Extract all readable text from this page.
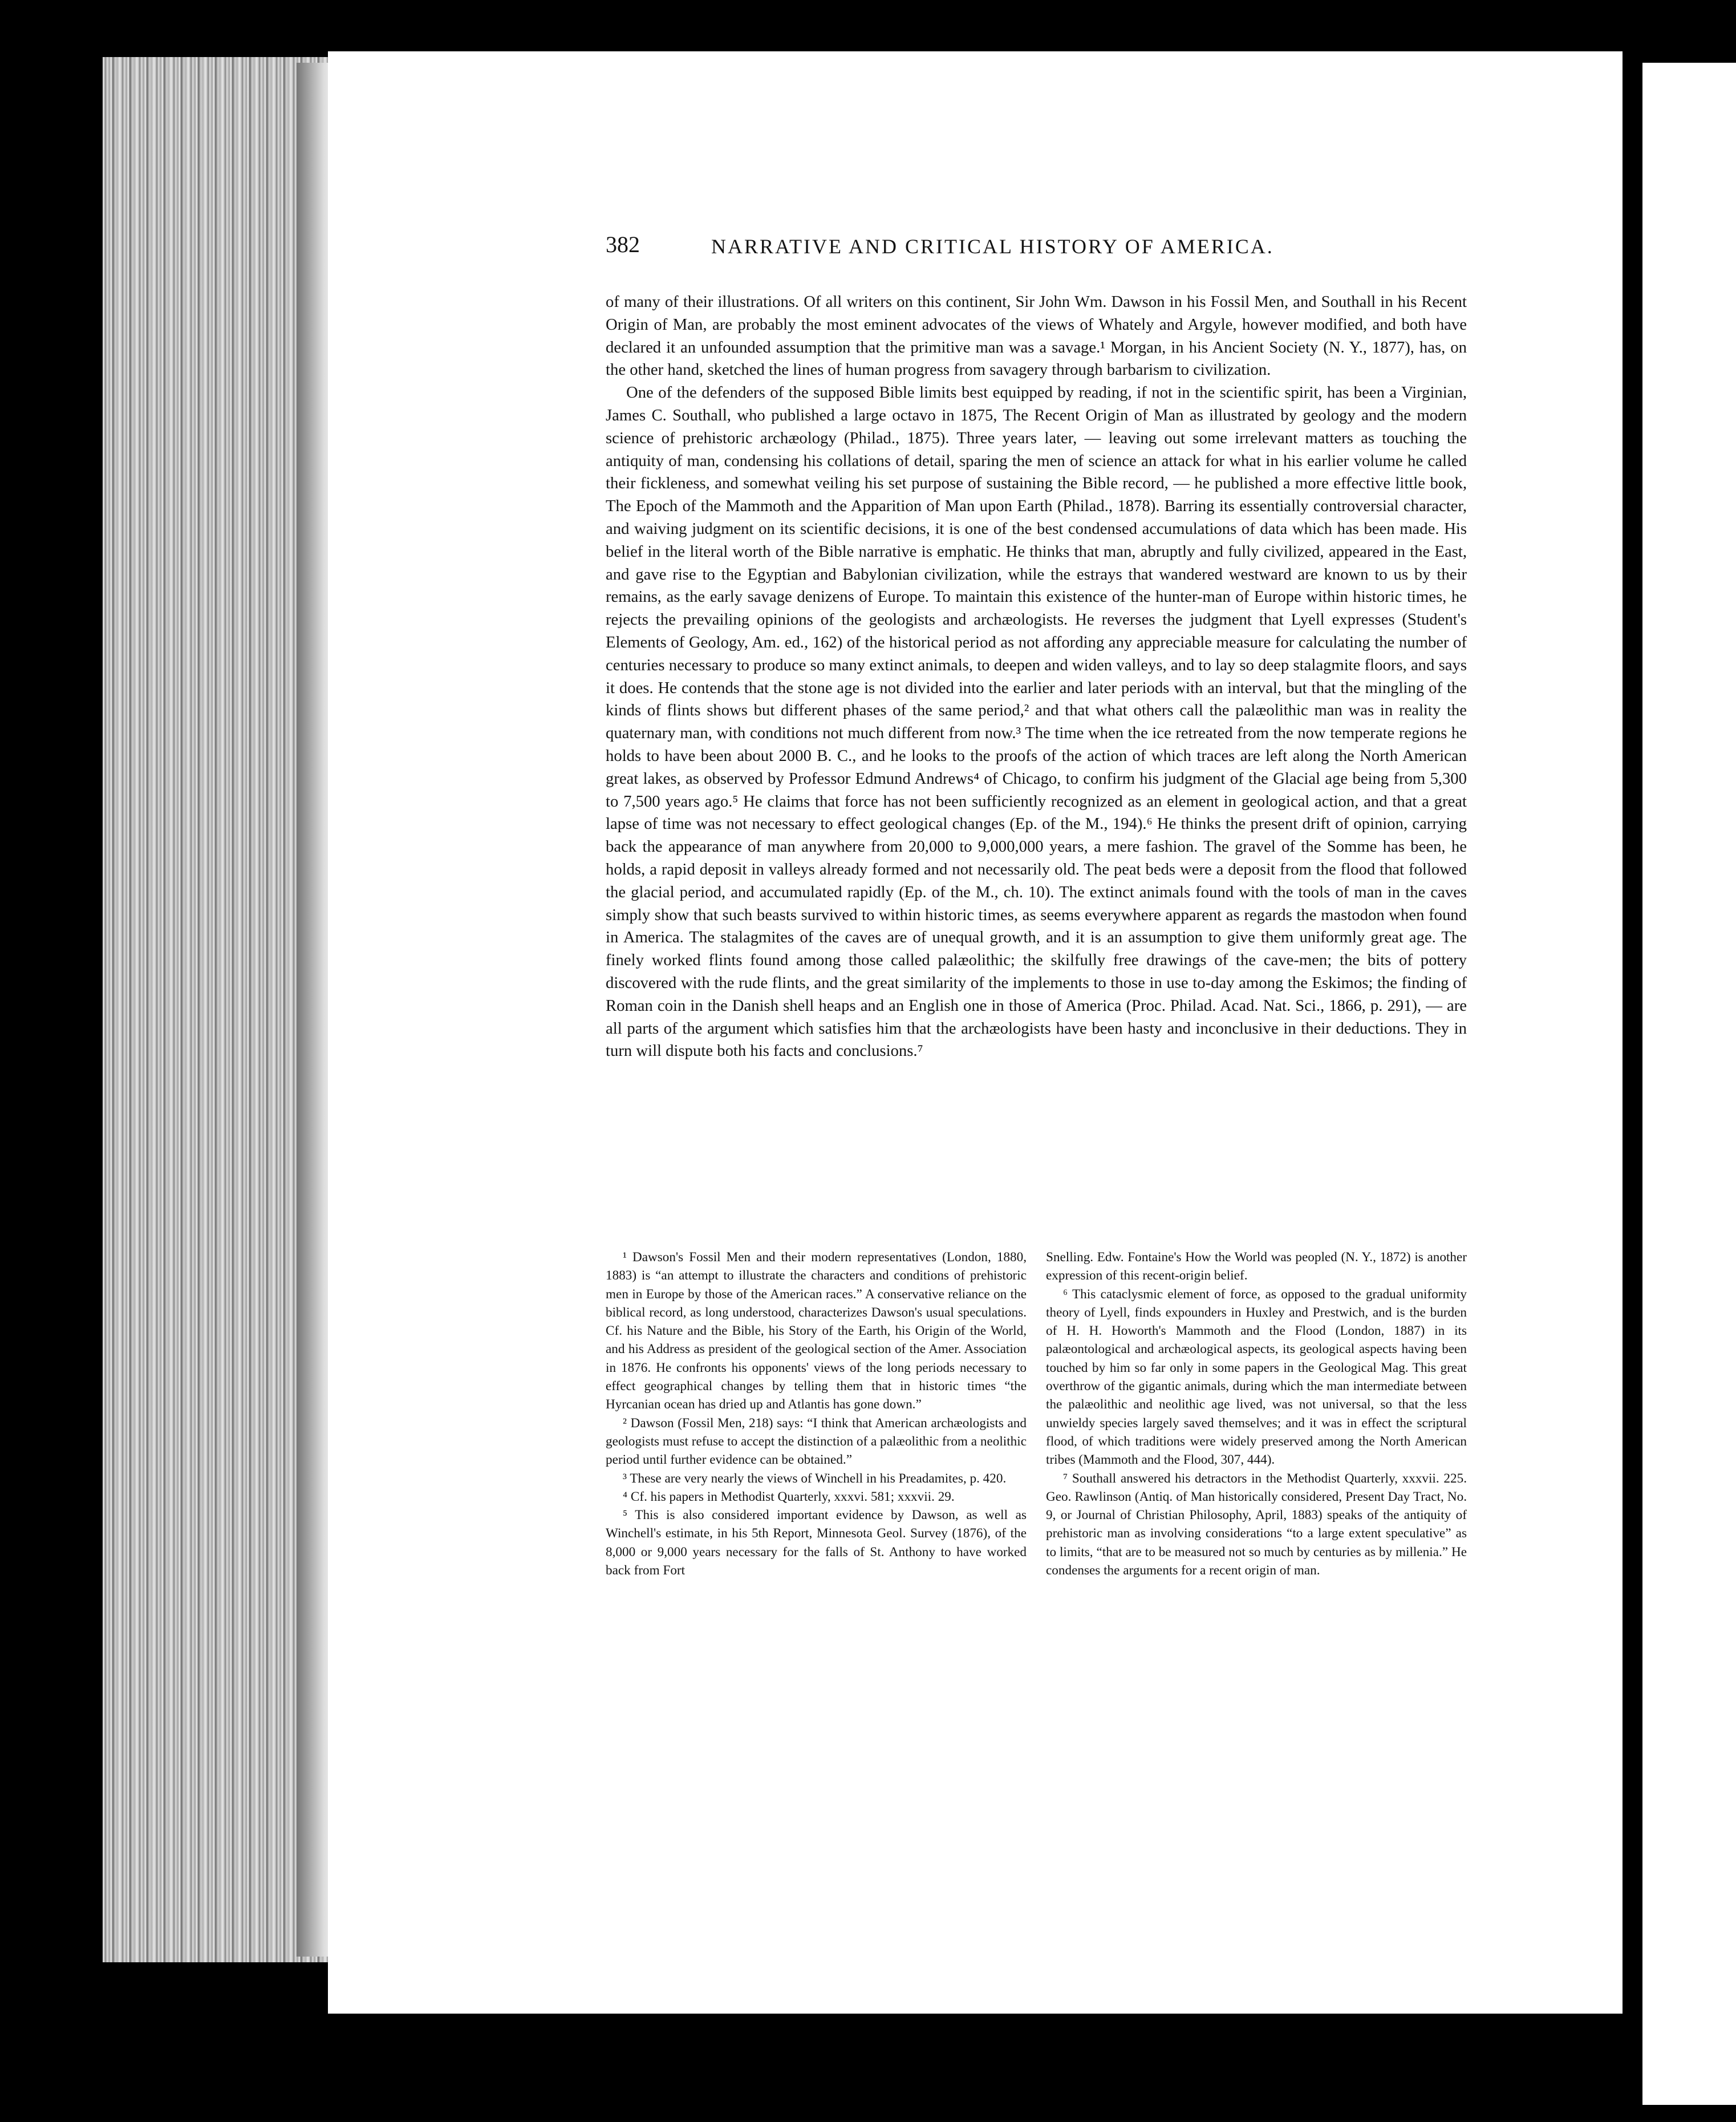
382	NARRATIVE AND CRITICAL HISTORY OF AMERICA.

of many of their illustrations. Of all writers on this continent, Sir John Wm. Dawson in his Fossil Men, and Southall in his Recent Origin of Man, are probably the most eminent advocates of the views of Whately and Argyle, however modified, and both have declared it an unfounded assumption that the primitive man was a savage.¹ Morgan, in his Ancient Society (N. Y., 1877), has, on the other hand, sketched the lines of human progress from savagery through barbarism to civilization.

One of the defenders of the supposed Bible limits best equipped by reading, if not in the scientific spirit, has been a Virginian, James C. Southall, who published a large octavo in 1875, The Recent Origin of Man as illustrated by geology and the modern science of prehistoric archæology (Philad., 1875). Three years later, — leaving out some irrelevant matters as touching the antiquity of man, condensing his collations of detail, sparing the men of science an attack for what in his earlier volume he called their fickleness, and somewhat veiling his set purpose of sustaining the Bible record, — he published a more effective little book, The Epoch of the Mammoth and the Apparition of Man upon Earth (Philad., 1878). Barring its essentially controversial character, and waiving judgment on its scientific decisions, it is one of the best condensed accumulations of data which has been made. His belief in the literal worth of the Bible narrative is emphatic. He thinks that man, abruptly and fully civilized, appeared in the East, and gave rise to the Egyptian and Babylonian civilization, while the estrays that wandered westward are known to us by their remains, as the early savage denizens of Europe. To maintain this existence of the hunter-man of Europe within historic times, he rejects the prevailing opinions of the geologists and archæologists. He reverses the judgment that Lyell expresses (Student's Elements of Geology, Am. ed., 162) of the historical period as not affording any appreciable measure for calculating the number of centuries necessary to produce so many extinct animals, to deepen and widen valleys, and to lay so deep stalagmite floors, and says it does. He contends that the stone age is not divided into the earlier and later periods with an interval, but that the mingling of the kinds of flints shows but different phases of the same period,² and that what others call the palæolithic man was in reality the quaternary man, with conditions not much different from now.³ The time when the ice retreated from the now temperate regions he holds to have been about 2000 B. C., and he looks to the proofs of the action of which traces are left along the North American great lakes, as observed by Professor Edmund Andrews⁴ of Chicago, to confirm his judgment of the Glacial age being from 5,300 to 7,500 years ago.⁵ He claims that force has not been sufficiently recognized as an element in geological action, and that a great lapse of time was not necessary to effect geological changes (Ep. of the M., 194).⁶ He thinks the present drift of opinion, carrying back the appearance of man anywhere from 20,000 to 9,000,000 years, a mere fashion. The gravel of the Somme has been, he holds, a rapid deposit in valleys already formed and not necessarily old. The peat beds were a deposit from the flood that followed the glacial period, and accumulated rapidly (Ep. of the M., ch. 10). The extinct animals found with the tools of man in the caves simply show that such beasts survived to within historic times, as seems everywhere apparent as regards the mastodon when found in America. The stalagmites of the caves are of unequal growth, and it is an assumption to give them uniformly great age. The finely worked flints found among those called palæolithic; the skilfully free drawings of the cave-men; the bits of pottery discovered with the rude flints, and the great similarity of the implements to those in use to-day among the Eskimos; the finding of Roman coin in the Danish shell heaps and an English one in those of America (Proc. Philad. Acad. Nat. Sci., 1866, p. 291), — are all parts of the argument which satisfies him that the archæologists have been hasty and inconclusive in their deductions. They in turn will dispute both his facts and conclusions.⁷

¹ Dawson's Fossil Men and their modern representatives (London, 1880, 1883) is “an attempt to illustrate the characters and conditions of prehistoric men in Europe by those of the American races.” A conservative reliance on the biblical record, as long understood, characterizes Dawson's usual speculations. Cf. his Nature and the Bible, his Story of the Earth, his Origin of the World, and his Address as president of the geological section of the Amer. Association in 1876. He confronts his opponents' views of the long periods necessary to effect geographical changes by telling them that in historic times “the Hyrcanian ocean has dried up and Atlantis has gone down.”

² Dawson (Fossil Men, 218) says: “I think that American archæologists and geologists must refuse to accept the distinction of a palæolithic from a neolithic period until further evidence can be obtained.”

³ These are very nearly the views of Winchell in his Preadamites, p. 420.

⁴ Cf. his papers in Methodist Quarterly, xxxvi. 581; xxxvii. 29.

⁵ This is also considered important evidence by Dawson, as well as Winchell's estimate, in his 5th Report, Minnesota Geol. Survey (1876), of the 8,000 or 9,000 years necessary for the falls of St. Anthony to have worked back from Fort

Snelling. Edw. Fontaine's How the World was peopled (N. Y., 1872) is another expression of this recent-origin belief.

⁶ This cataclysmic element of force, as opposed to the gradual uniformity theory of Lyell, finds expounders in Huxley and Prestwich, and is the burden of H. H. Howorth's Mammoth and the Flood (London, 1887) in its palæontological and archæological aspects, its geological aspects having been touched by him so far only in some papers in the Geological Mag. This great overthrow of the gigantic animals, during which the man intermediate between the palæolithic and neolithic age lived, was not universal, so that the less unwieldy species largely saved themselves; and it was in effect the scriptural flood, of which traditions were widely preserved among the North American tribes (Mammoth and the Flood, 307, 444).

⁷ Southall answered his detractors in the Methodist Quarterly, xxxvii. 225. Geo. Rawlinson (Antiq. of Man historically considered, Present Day Tract, No. 9, or Journal of Christian Philosophy, April, 1883) speaks of the antiquity of prehistoric man as involving considerations “to a large extent speculative” as to limits, “that are to be measured not so much by centuries as by millenia.” He condenses the arguments for a recent origin of man.
